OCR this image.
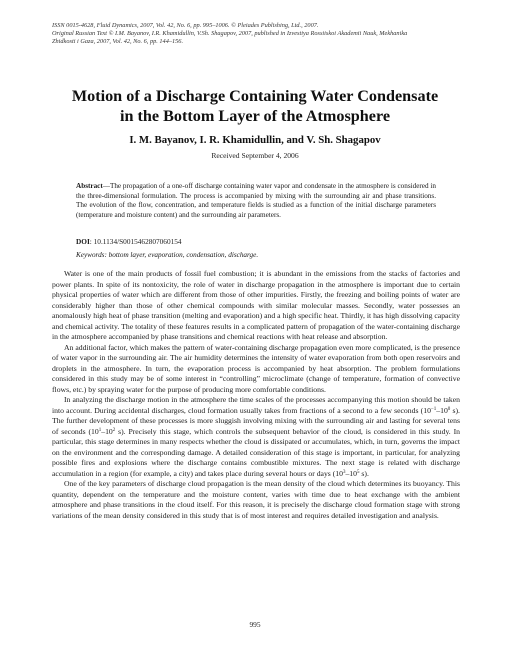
ISSN 0015-4628, Fluid Dynamics, 2007, Vol. 42, No. 6, pp. 995–1006. © Pleiades Publishing, Ltd., 2007.
Original Russian Text © I.M. Bayanov, I.R. Khamidullin, V.Sh. Shagapov, 2007, published in Izvestiya Rossiiskoi Akademii Nauk, Mekhanika
Zhidkosti i Gaza, 2007, Vol. 42, No. 6, pp. 144–156.
Motion of a Discharge Containing Water Condensate
in the Bottom Layer of the Atmosphere
I. M. Bayanov, I. R. Khamidullin, and V. Sh. Shagapov
Received September 4, 2006
Abstract—The propagation of a one-off discharge containing water vapor and condensate in the atmosphere is considered in the three-dimensional formulation. The process is accompanied by mixing with the surrounding air and phase transitions. The evolution of the flow, concentration, and temperature fields is studied as a function of the initial discharge parameters (temperature and moisture content) and the surrounding air parameters.
DOI: 10.1134/S0015462807060154
Keywords: bottom layer, evaporation, condensation, discharge.

Water is one of the main products of fossil fuel combustion; it is abundant in the emissions from the stacks of factories and power plants. In spite of its nontoxicity, the role of water in discharge propagation in the atmosphere is important due to certain physical properties of water which are different from those of other impurities. Firstly, the freezing and boiling points of water are considerably higher than those of other chemical compounds with similar molecular masses. Secondly, water possesses an anomalously high heat of phase transition (melting and evaporation) and a high specific heat. Thirdly, it has high dissolving capacity and chemical activity. The totality of these features results in a complicated pattern of propagation of the water-containing discharge in the atmosphere accompanied by phase transitions and chemical reactions with heat release and absorption.

An additional factor, which makes the pattern of water-containing discharge propagation even more complicated, is the presence of water vapor in the surrounding air. The air humidity determines the intensity of water evaporation from both open reservoirs and droplets in the atmosphere. In turn, the evaporation process is accompanied by heat absorption. The problem formulations considered in this study may be of some interest in “controlling” microclimate (change of temperature, formation of convective flows, etc.) by spraying water for the purpose of producing more comfortable conditions.

In analyzing the discharge motion in the atmosphere the time scales of the processes accompanying this motion should be taken into account. During accidental discharges, cloud formation usually takes from fractions of a second to a few seconds ($10^{-1}-10^0$ s). The further development of these processes is more sluggish involving mixing with the surrounding air and lasting for several tens of seconds ($10^1-10^2$ s). Precisely this stage, which controls the subsequent behavior of the cloud, is considered in this study. In particular, this stage determines in many respects whether the cloud is dissipated or accumulates, which, in turn, governs the impact on the environment and the corresponding damage. A detailed consideration of this stage is important, in particular, for analyzing possible fires and explosions where the discharge contains combustible mixtures. The next stage is related with discharge accumulation in a region (for example, a city) and takes place during several hours or days ($10^3-10^5$ s).

One of the key parameters of discharge cloud propagation is the mean density of the cloud which determines its buoyancy. This quantity, dependent on the temperature and the moisture content, varies with time due to heat exchange with the ambient atmosphere and phase transitions in the cloud itself. For this reason, it is precisely the discharge cloud formation stage with strong variations of the mean density considered in this study that is of most interest and requires detailed investigation and analysis.

995
